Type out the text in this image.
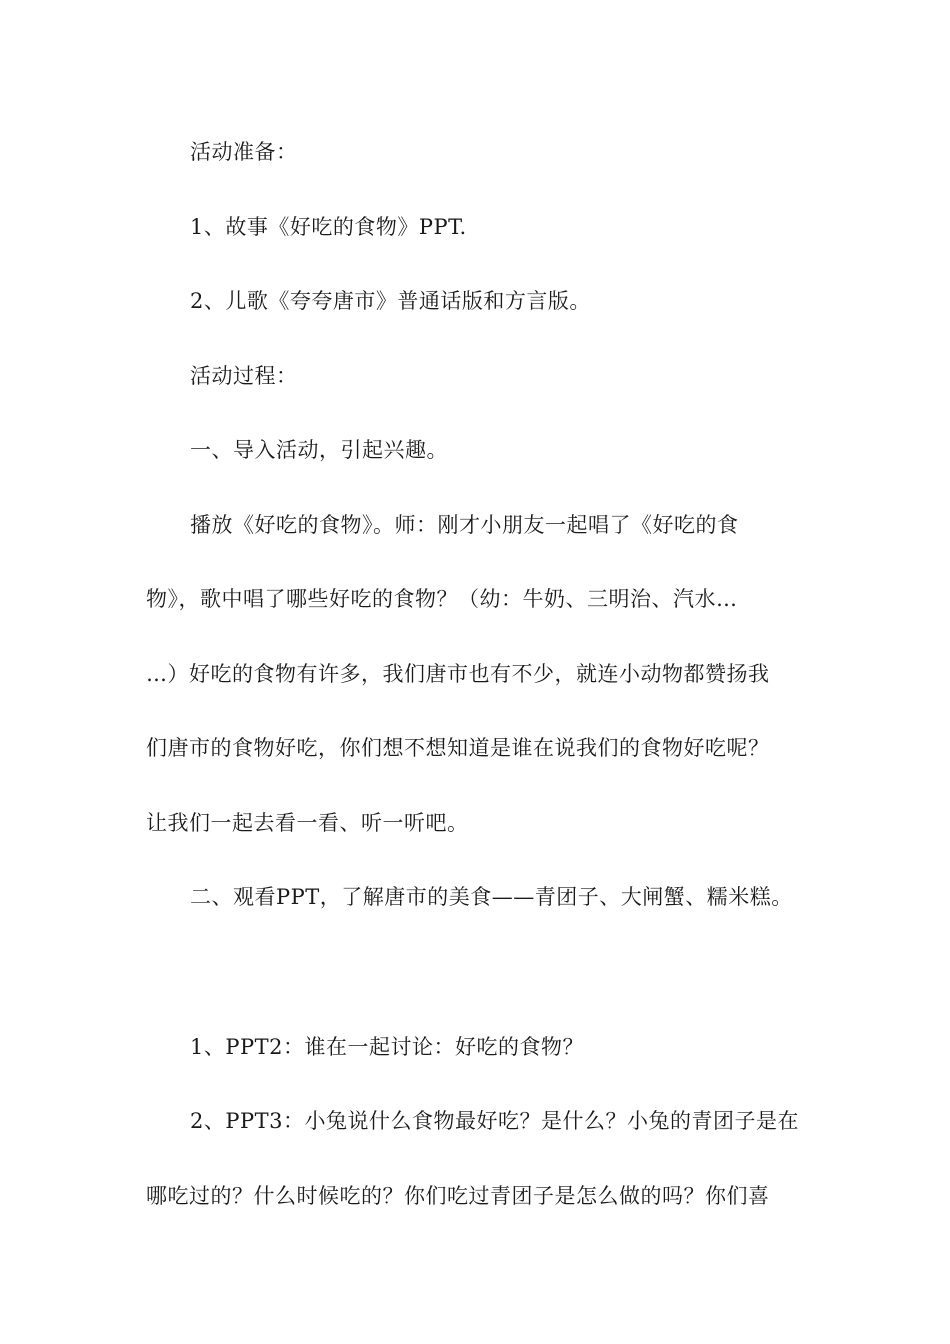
活动准备：
1、故事《好吃的食物》PPT.
2、儿歌《夸夸唐市》普通话版和方言版。
活动过程：
一、导入活动，引起兴趣。
播放《好吃的食物》。师：刚才小朋友一起唱了《好吃的食
物》，歌中唱了哪些好吃的食物？（幼：牛奶、三明治、汽水…
…）好吃的食物有许多，我们唐市也有不少，就连小动物都赞扬我
们唐市的食物好吃，你们想不想知道是谁在说我们的食物好吃呢？
让我们一起去看一看、听一听吧。
二、观看PPT，了解唐市的美食——青团子、大闸蟹、糯米糕。
1、PPT2：谁在一起讨论：好吃的食物？
2、PPT3：小兔说什么食物最好吃？是什么？小兔的青团子是在
哪吃过的？什么时候吃的？你们吃过青团子是怎么做的吗？你们喜
